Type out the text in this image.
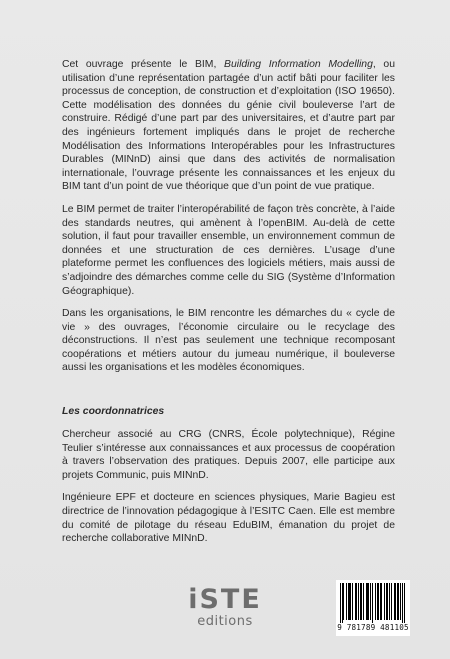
Cet ouvrage présente le BIM, Building Information Modelling, ou utilisation d’une représentation partagée d’un actif bâti pour faciliter les processus de conception, de construction et d’exploitation (ISO 19650). Cette modélisation des données du génie civil bouleverse l’art de construire. Rédigé d’une part par des universitaires, et d’autre part par des ingénieurs fortement impliqués dans le projet de recherche Modélisation des Informations Interopérables pour les Infrastructures Durables (MINnD) ainsi que dans des activités de normalisation internationale, l’ouvrage présente les connaissances et les enjeux du BIM tant d’un point de vue théorique que d’un point de vue pratique.

Le BIM permet de traiter l’interopérabilité de façon très concrète, à l’aide des standards neutres, qui amènent à l’openBIM. Au-delà de cette solution, il faut pour travailler ensemble, un environnement commun de données et une structuration de ces dernières. L’usage d’une plateforme permet les confluences des logiciels métiers, mais aussi de s’adjoindre des démarches comme celle du SIG (Système d’Information Géographique).

Dans les organisations, le BIM rencontre les démarches du « cycle de vie » des ouvrages, l’économie circulaire ou le recyclage des déconstructions. Il n’est pas seulement une technique recomposant coopérations et métiers autour du jumeau numérique, il bouleverse aussi les organisations et les modèles économiques.

Les coordonnatrices

Chercheur associé au CRG (CNRS, École polytechnique), Régine Teulier s’intéresse aux connaissances et aux processus de coopération à travers l’observation des pratiques. Depuis 2007, elle participe aux projets Communic, puis MINnD.

Ingénieure EPF et docteure en sciences physiques, Marie Bagieu est directrice de l’innovation pédagogique à l’ESITC Caen. Elle est membre du comité de pilotage du réseau EduBIM, émanation du projet de recherche collaborative MINnD.

iSTE
editions	9 781789 481105
